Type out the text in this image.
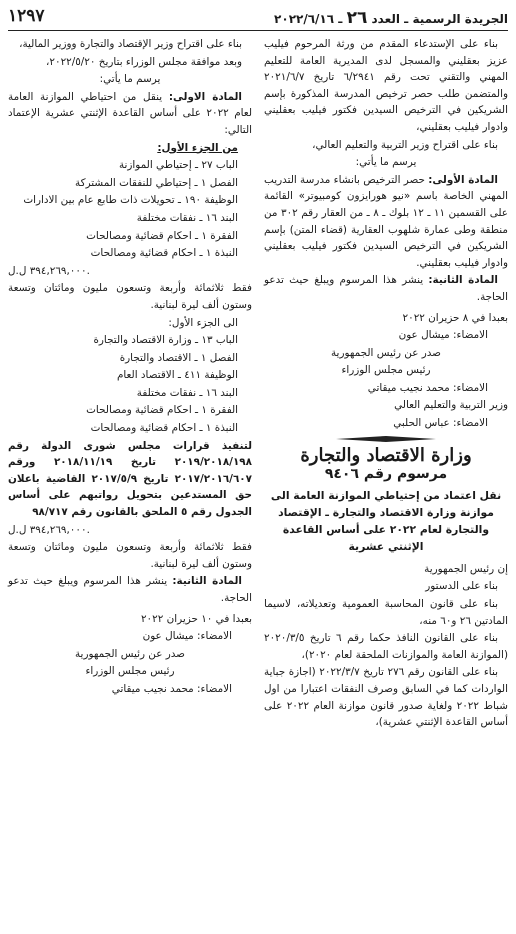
الجريدة الرسمية ـ العدد ٢٦ ـ ٢٠٢٢/٦/١٦
١٢٩٧

بناء على الإستدعاء المقدم من ورثة المرحوم فيليب عزيز بعقليني والمسجل لدى المديرية العامة للتعليم المهني والتقني تحت رقم ٦/٢٩٤١ تاريخ ٢٠٢١/٦/٧ والمتضمن طلب حصر ترخيص المدرسة المذكورة بإسم الشريكين في الترخيص السيدين فكتور فيليب بعقليني وادوار فيليب بعقليني،

بناء على اقتراح وزير التربية والتعليم العالي،

يرسم ما يأتي:

المادة الأولى: حصر الترخيص بانشاء مدرسة التدريب المهني الخاصة باسم «نيو هورايزون كومبيوتر» القائمة على القسمين ١١ ـ ١٢ بلوك ـ ٨ ـ من العقار رقم ٣٠٢ من منطقة وطى عمارة شلهوب العقارية (قضاء المتن) بإسم الشريكين في الترخيص السيدين فكتور فيليب بعقليني وادوار فيليب بعقليني.

المادة الثانية: ينشر هذا المرسوم ويبلغ حيث تدعو الحاجة.

بعبدا في ٨ حزيران ٢٠٢٢

الامضاء: ميشال عون

صدر عن رئيس الجمهورية

رئيس مجلس الوزراء

الامضاء: محمد نجيب ميقاتي

وزير التربية والتعليم العالي

الامضاء: عباس الحلبي

وزارة الاقتصاد والتجارة
مرسوم رقم ٩٤٠٦
نقل اعتماد من إحتياطي الموازنة العامة الى موازنة وزارة الاقتصاد والتجارة ـ الإقتصاد والتجارة لعام ٢٠٢٢ على أساس القاعدة الإثنتي عشرية

إن رئيس الجمهورية

بناء على الدستور

بناء على قانون المحاسبة العمومية وتعديلاته، لاسيما المادتين ٢٦ و٦٠ منه،

بناء على القانون النافذ حكما رقم ٦ تاريخ ٢٠٢٠/٣/٥ (الموازنة العامة والموازنات الملحقة لعام ٢٠٢٠)،

بناء على القانون رقم ٢٧٦ تاريخ ٢٠٢٢/٣/٧ (اجازة جباية الواردات كما في السابق وصرف النفقات اعتبارا من اول شباط ٢٠٢٢ ولغاية صدور قانون موازنة العام ٢٠٢٢ على أساس القاعدة الإثنتي عشرية)،

بناء على اقتراح وزير الإقتصاد والتجارة ووزير المالية،

وبعد موافقة مجلس الوزراء بتاريخ ٢٠٢٢/٥/٢٠،

يرسم ما يأتي:

المادة الاولى: ينقل من احتياطي الموازنة العامة لعام ٢٠٢٢ على أساس القاعدة الإثنتي عشرية الإعتماد التالي:

من الجزء الأول:

الباب ٢٧ ـ إحتياطي الموازنة

الفصل ١ ـ إحتياطي للنفقات المشتركة

الوظيفة ١٩٠ ـ تحويلات ذات طابع عام بين الادارات

البند ١٦ ـ نفقات مختلفة

الفقرة ١ ـ احكام قضائية ومصالحات

النبذة ١ ـ احكام قضائية ومصالحات

٣٩٤,٢٦٩,٠٠٠ ل.ل.

فقط ثلاثمائة وأربعة وتسعون مليون ومائتان وتسعة وستون ألف ليرة لبنانية.

الى الجزء الأول:

الباب ١٣ ـ وزارة الاقتصاد والتجارة

الفصل ١ ـ الاقتصاد والتجارة

الوظيفة ٤١١ ـ الاقتصاد العام

البند ١٦ ـ نفقات مختلفة

الفقرة ١ ـ احكام قضائية ومصالحات

النبذة ١ ـ احكام قضائية ومصالحات

لتنفيذ قرارات مجلس شورى الدولة رقم ٢٠١٩/٢٠١٨/١٩٨ تاريخ ٢٠١٨/١١/١٩ ورقم ٢٠١٧/٢٠١٦/٦٠٧ تاريخ ٢٠١٧/٥/٩ القاضية باعلان حق المستدعين بتحويل رواتبهم على أساس الجدول رقم ٥ الملحق بالقانون رقم ٩٨/٧١٧

٣٩٤,٢٦٩,٠٠٠ ل.ل.

فقط ثلاثمائة وأربعة وتسعون مليون ومائتان وتسعة وستون ألف ليرة لبنانية.

المادة الثانية: ينشر هذا المرسوم ويبلغ حيث تدعو الحاجة.

بعبدا في ١٠ حزيران ٢٠٢٢

الامضاء: ميشال عون

صدر عن رئيس الجمهورية

رئيس مجلس الوزراء

الامضاء: محمد نجيب ميقاتي
